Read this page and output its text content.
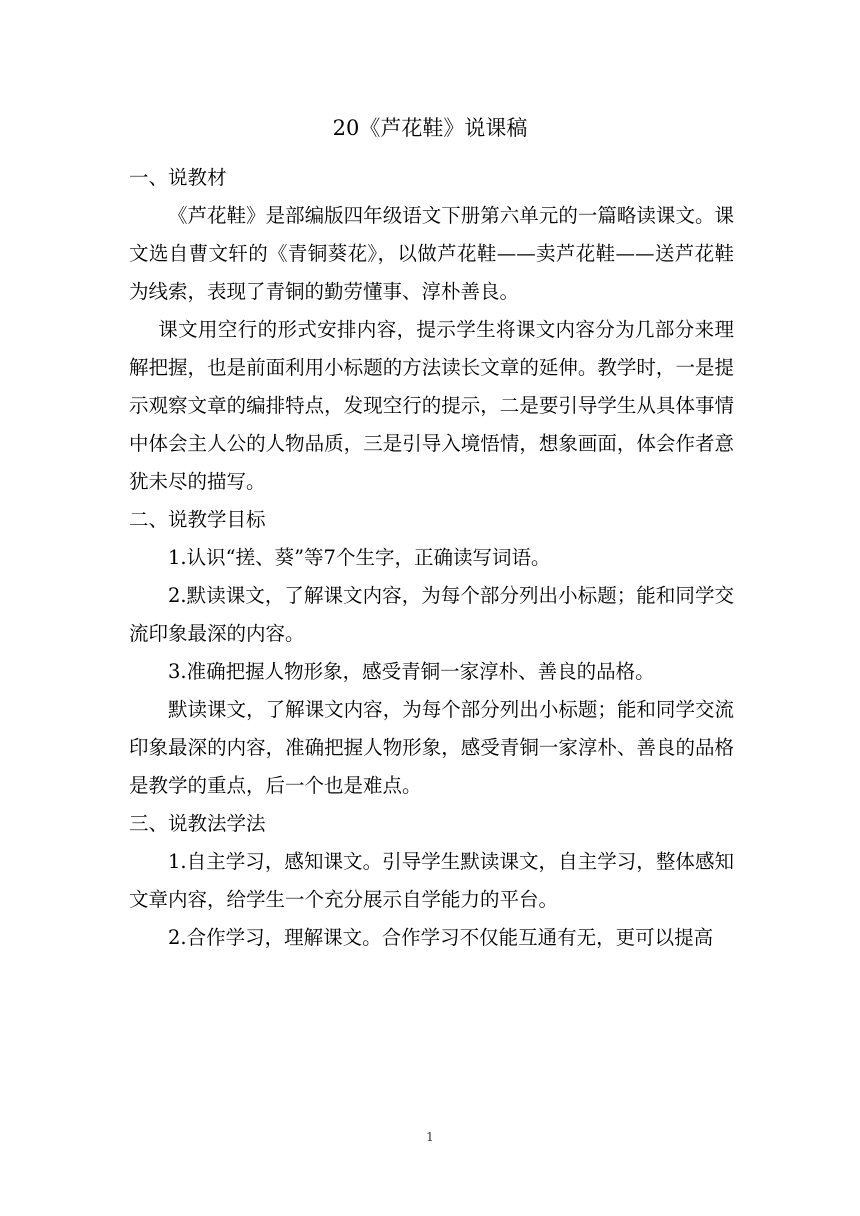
20《芦花鞋》说课稿

一、说教材

《芦花鞋》是部编版四年级语文下册第六单元的一篇略读课文。课文选自曹文轩的《青铜葵花》，以做芦花鞋——卖芦花鞋——送芦花鞋为线索，表现了青铜的勤劳懂事、淳朴善良。

课文用空行的形式安排内容，提示学生将课文内容分为几部分来理解把握，也是前面利用小标题的方法读长文章的延伸。教学时，一是提示观察文章的编排特点，发现空行的提示，二是要引导学生从具体事情中体会主人公的人物品质，三是引导入境悟情，想象画面，体会作者意犹未尽的描写。

二、说教学目标

1.认识“搓、葵”等7个生字，正确读写词语。

2.默读课文，了解课文内容，为每个部分列出小标题；能和同学交流印象最深的内容。

3.准确把握人物形象，感受青铜一家淳朴、善良的品格。

默读课文，了解课文内容，为每个部分列出小标题；能和同学交流印象最深的内容，准确把握人物形象，感受青铜一家淳朴、善良的品格是教学的重点，后一个也是难点。

三、说教法学法

1.自主学习，感知课文。引导学生默读课文，自主学习，整体感知文章内容，给学生一个充分展示自学能力的平台。

2.合作学习，理解课文。合作学习不仅能互通有无，更可以提高

1
